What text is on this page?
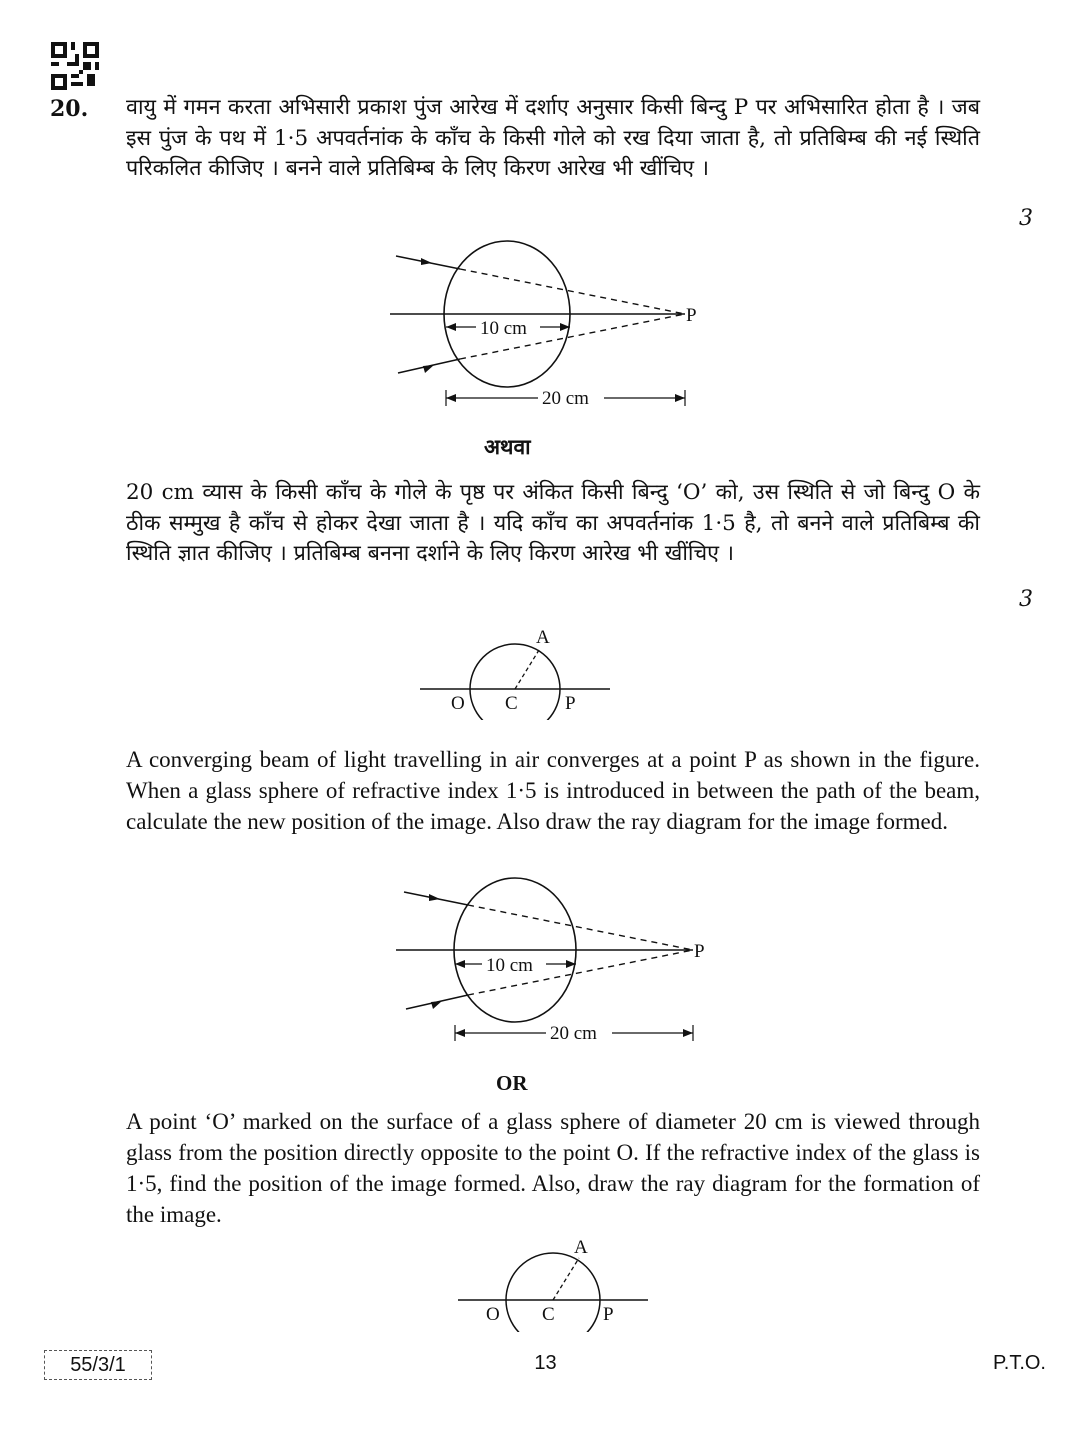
20. वायु में गमन करता अभिसारी प्रकाश पुंज आरेख में दर्शाए अनुसार किसी बिन्दु P पर अभिसारित होता है । जब इस पुंज के पथ में 1·5 अपवर्तनांक के काँच के किसी गोले को रख दिया जाता है, तो प्रतिबिम्ब की नई स्थिति परिकलित कीजिए । बनने वाले प्रतिबिम्ब के लिए किरण आरेख भी खींचिए ।
3
P
10 cm
20 cm
अथवा
20 cm व्यास के किसी काँच के गोले के पृष्ठ पर अंकित किसी बिन्दु ‘O’ को, उस स्थिति से जो बिन्दु O के ठीक सम्मुख है काँच से होकर देखा जाता है । यदि काँच का अपवर्तनांक 1·5 है, तो बनने वाले प्रतिबिम्ब की स्थिति ज्ञात कीजिए । प्रतिबिम्ब बनना दर्शाने के लिए किरण आरेख भी खींचिए ।
3
A
O C P
A converging beam of light travelling in air converges at a point P as shown in the figure. When a glass sphere of refractive index 1·5 is introduced in between the path of the beam, calculate the new position of the image. Also draw the ray diagram for the image formed.
P
10 cm
20 cm
OR
A point ‘O’ marked on the surface of a glass sphere of diameter 20 cm is viewed through glass from the position directly opposite to the point O. If the refractive index of the glass is 1·5, find the position of the image formed. Also, draw the ray diagram for the formation of the image.
A
O C	P
55/3/1	13	P.T.O.
